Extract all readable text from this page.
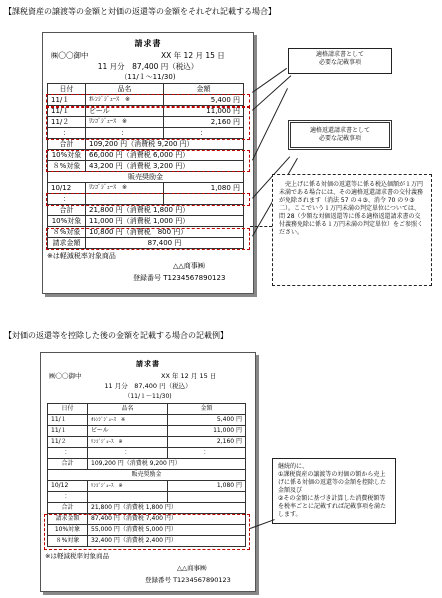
【課税資産の譲渡等の金額と対価の返還等の金額をそれぞれ記載する場合】
請求書
㈱〇〇御中	XX 年 12 月 15 日
11 月分　87,400 円（税込）
（11/１〜11/30)
日付	品名	金額
11/１	ｵﾚﾝｼﾞｼﾞｭｰｽ　※	5,400 円
11/１	ビール	11,000 円
11/２	ﾘﾝｺﾞｼﾞｭｰｽ　※	2,160 円
：	：	：
合計	109,200 円（消費税 9,200 円）	
10%対象	66,000 円（消費税 6,000 円）	
８%対象	43,200 円（消費税 3,200 円）	
販売奨励金		
10/12	ﾘﾝｺﾞｼﾞｭｰｽ　※	1,080 円
：		
合計	21,800 円（消費税 1,800 円）	
10%対象	11,000 円（消費税 1,000 円）	
８%対象	10,800 円（消費税　800 円）	
請求金額	87,400 円	
※は軽減税率対象商品
△△商事㈱
登録番号 T1234567890123
適格請求書として
必要な記載事項
適格返還請求書として
必要な記載事項
　売上げに係る対価の返還等に係る税込価額が１万円未満である場合には、その適格返還請求書の交付義務が免除されます（消法 57 の４③、消令 70 の９③二）。ここでいう１万円未満の判定単位については、問 28（少額な対価返還等に係る適格返還請求書の交付義務免除に係る１万円未満の判定単位）をご参照ください。
【対価の返還等を控除した後の金額を記載する場合の記載例】
請求書
㈱〇〇御中	XX 年 12 月 15 日
11 月分　87,400 円（税込）
（11/１〜11/30)
日付	品名	金額
11/１	ｵﾚﾝｼﾞｼﾞｭｰｽ　※	5,400 円
11/１	ビール	11,000 円
11/２	ﾘﾝｺﾞｼﾞｭｰｽ　※	2,160 円
：	：	：
合計	109,200 円（消費税 9,200 円）	
販売奨励金		
10/12	ﾘﾝｺﾞｼﾞｭｰｽ　※	1,080 円
：		
合計	21,800 円（消費税 1,800 円）	
請求金額	87,400 円（消費税 7,400 円）	
10%対象	55,000 円（消費税 5,000 円）	
８%対象	32,400 円（消費税 2,400 円）	
※は軽減税率対象商品
△△商事㈱
登録番号 T1234567890123
継続的に、
①課税資産の譲渡等の対価の額から売上げに係る対価の返還等の金額を控除した金額及び
②その金額に基づき計算した消費税額等を税率ごとに記載すれば記載事項を満たします。
